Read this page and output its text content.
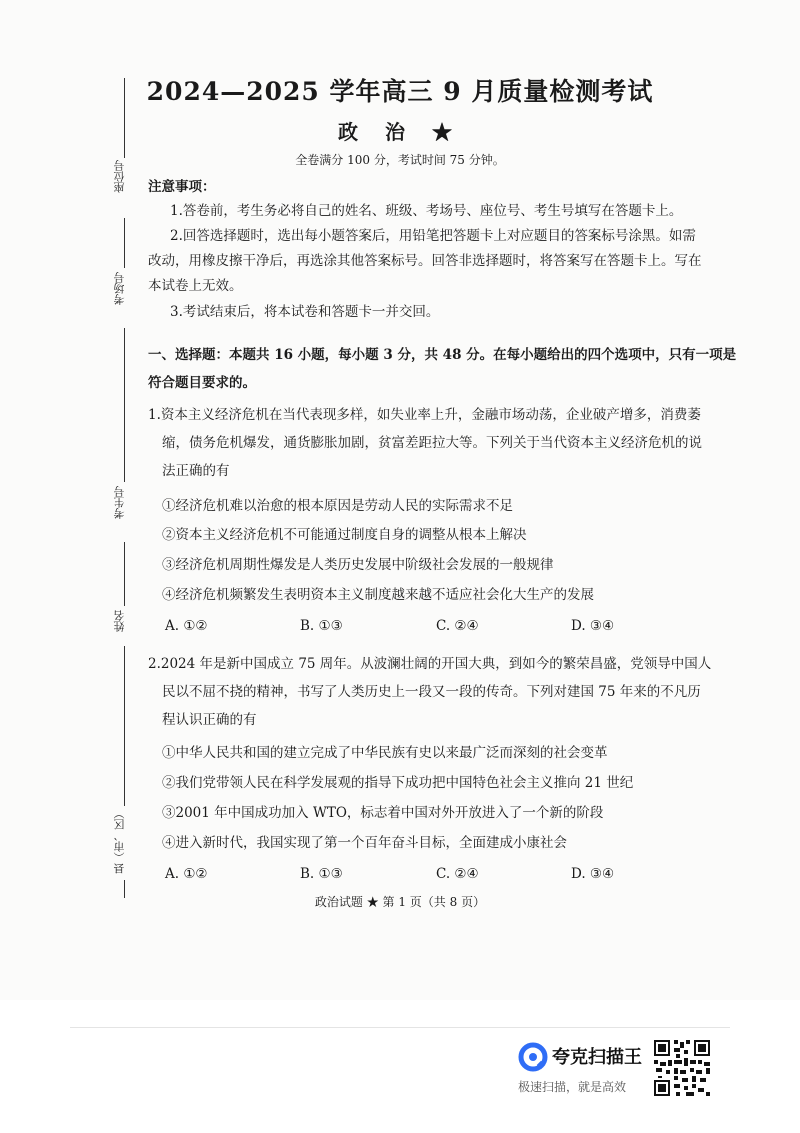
座位号
考场号
考生号
姓名
县（市、区）
2024—2025 学年高三 9 月质量检测考试
政 治 ★
全卷满分 100 分，考试时间 75 分钟。
注意事项：
1.答卷前，考生务必将自己的姓名、班级、考场号、座位号、考生号填写在答题卡上。
2.回答选择题时，选出每小题答案后，用铅笔把答题卡上对应题目的答案标号涂黑。如需
改动，用橡皮擦干净后，再选涂其他答案标号。回答非选择题时，将答案写在答题卡上。写在
本试卷上无效。
3.考试结束后，将本试卷和答题卡一并交回。
一、选择题：本题共 16 小题，每小题 3 分，共 48 分。在每小题给出的四个选项中，只有一项是
符合题目要求的。
1.资本主义经济危机在当代表现多样，如失业率上升，金融市场动荡，企业破产增多，消费萎
缩，债务危机爆发，通货膨胀加剧，贫富差距拉大等。下列关于当代资本主义经济危机的说
法正确的有
①经济危机难以治愈的根本原因是劳动人民的实际需求不足
②资本主义经济危机不可能通过制度自身的调整从根本上解决
③经济危机周期性爆发是人类历史发展中阶级社会发展的一般规律
④经济危机频繁发生表明资本主义制度越来越不适应社会化大生产的发展
A. ①②	B. ①③	C. ②④	D. ③④
2.2024 年是新中国成立 75 周年。从波澜壮阔的开国大典，到如今的繁荣昌盛，党领导中国人
民以不屈不挠的精神，书写了人类历史上一段又一段的传奇。下列对建国 75 年来的不凡历
程认识正确的有
①中华人民共和国的建立完成了中华民族有史以来最广泛而深刻的社会变革
②我们党带领人民在科学发展观的指导下成功把中国特色社会主义推向 21 世纪
③2001 年中国成功加入 WTO，标志着中国对外开放进入了一个新的阶段
④进入新时代，我国实现了第一个百年奋斗目标，全面建成小康社会
A. ①②	B. ①③	C. ②④	D. ③④
政治试题 ★ 第 1 页（共 8 页）
夸克扫描王
极速扫描，就是高效
